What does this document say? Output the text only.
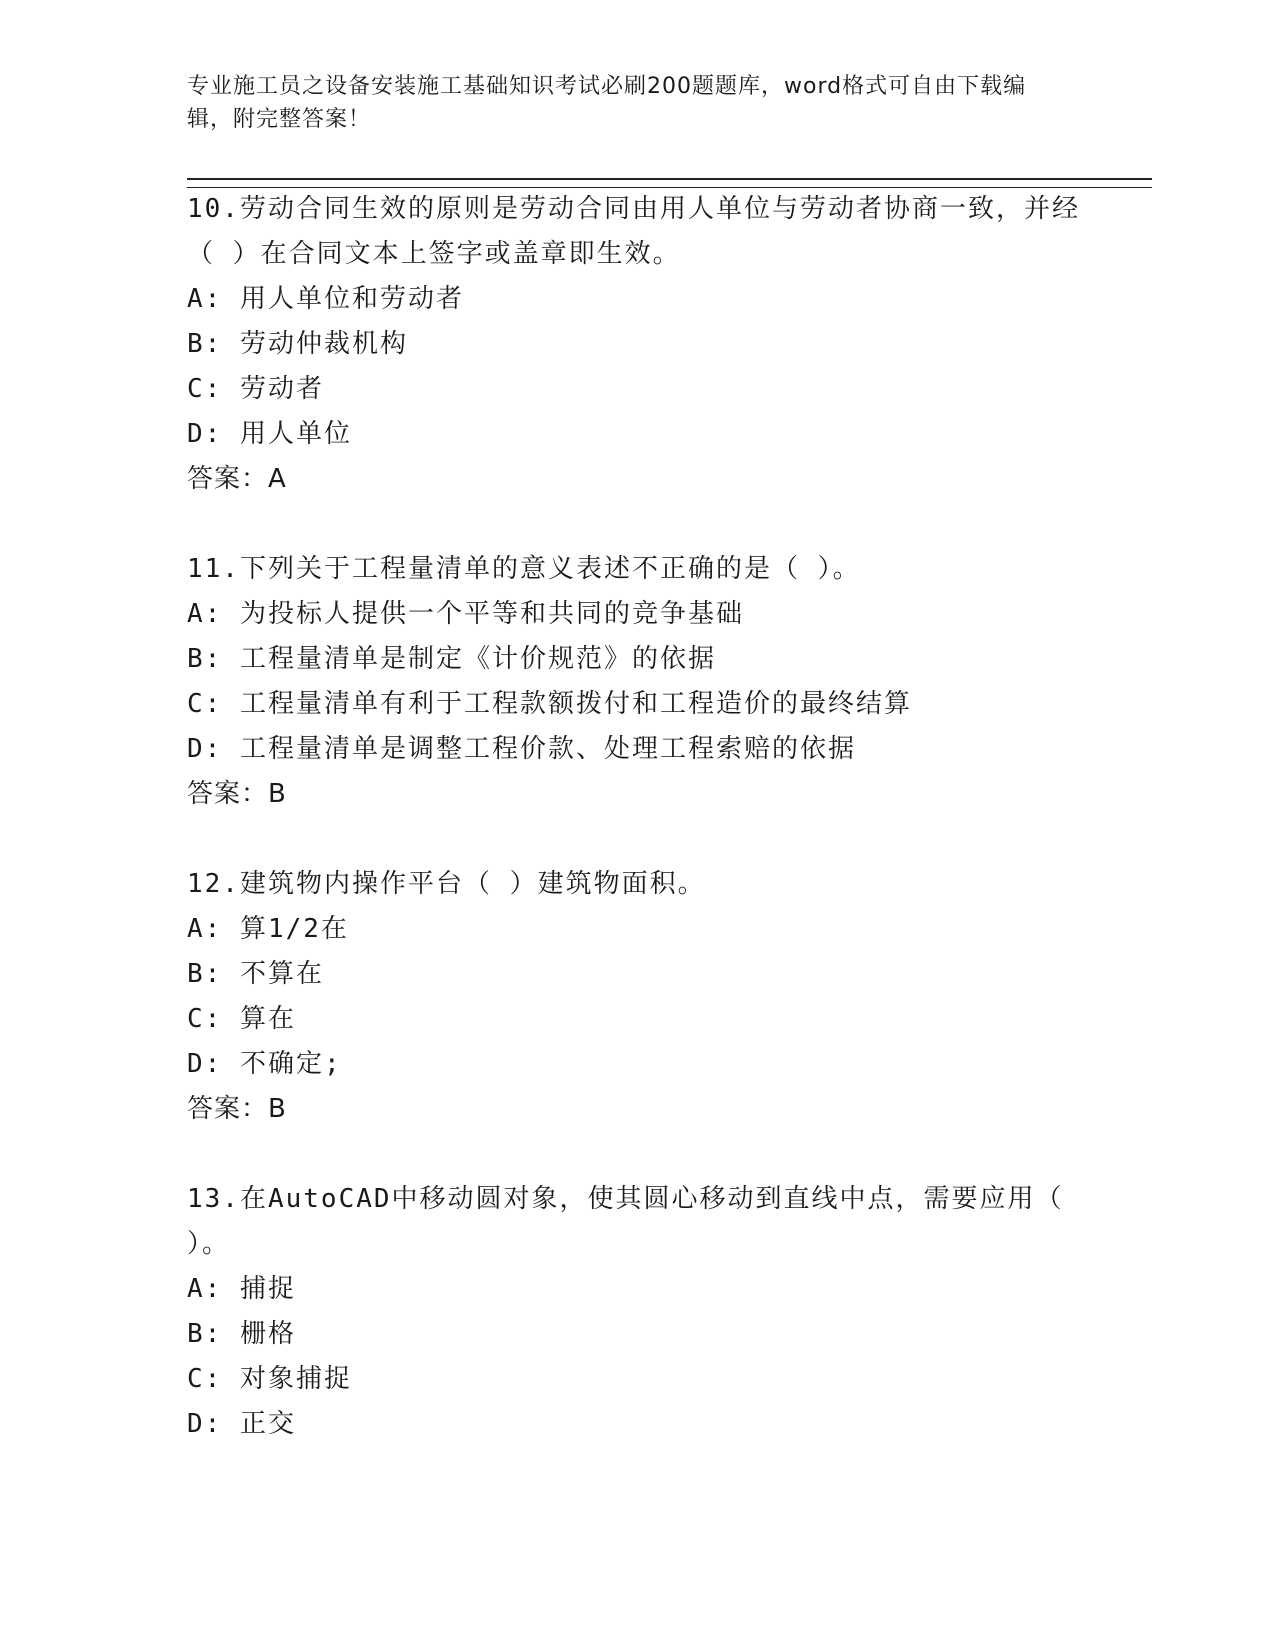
专业施工员之设备安装施工基础知识考试必刷200题题库，word格式可自由下载编辑，附完整答案！
10.劳动合同生效的原则是劳动合同由用人单位与劳动者协商一致，并经（ ）在合同文本上签字或盖章即生效。
A: 用人单位和劳动者
B: 劳动仲裁机构
C: 劳动者
D: 用人单位
答案：A
11.下列关于工程量清单的意义表述不正确的是（ ）。
A: 为投标人提供一个平等和共同的竞争基础
B: 工程量清单是制定《计价规范》的依据
C: 工程量清单有利于工程款额拨付和工程造价的最终结算
D: 工程量清单是调整工程价款、处理工程索赔的依据
答案：B
12.建筑物内操作平台（ ）建筑物面积。
A: 算1/2在
B: 不算在
C: 算在
D: 不确定;
答案：B
13.在AutoCAD中移动圆对象，使其圆心移动到直线中点，需要应用（ ）。
A: 捕捉
B: 栅格
C: 对象捕捉
D: 正交
